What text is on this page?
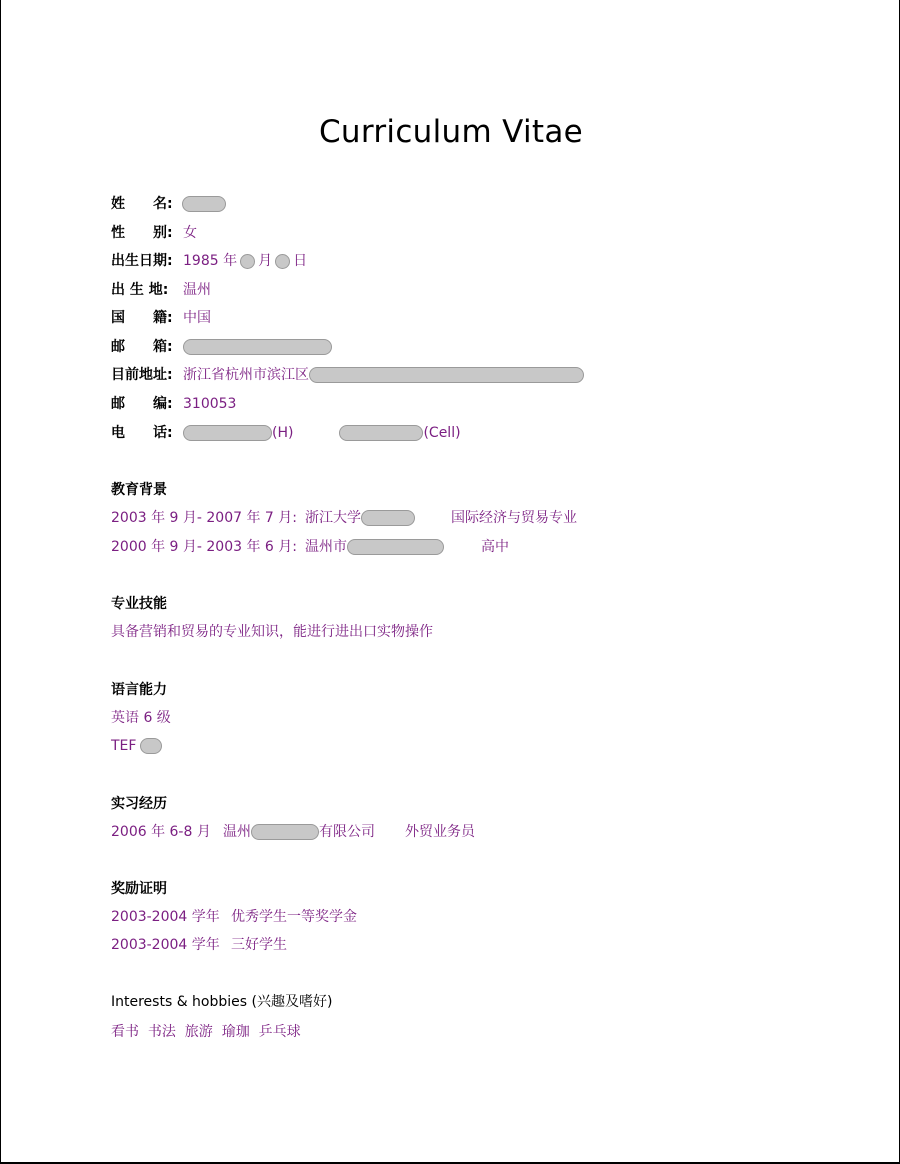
Curriculum Vitae
姓　　名:
性　　别: 女
出生日期: 1985 年 月 日
出 生 地: 温州
国　　籍: 中国
邮　　箱:
目前地址: 浙江省杭州市滨江区
邮　　编: 310053
电　　话:	(H)	(Cell)
教育背景
2003 年 9 月- 2007 年 7 月: 浙江大学	国际经济与贸易专业
2000 年 9 月- 2003 年 6 月: 温州市	高中
专业技能
具备营销和贸易的专业知识，能进行进出口实物操作
语言能力
英语 6 级
TEF
实习经历
2006 年 6-8 月 温州	有限公司 外贸业务员
奖励证明
2003-2004 学年 优秀学生一等奖学金
2003-2004 学年 三好学生
Interests & hobbies (兴趣及嗜好)
看书  书法  旅游  瑜珈  乒乓球
